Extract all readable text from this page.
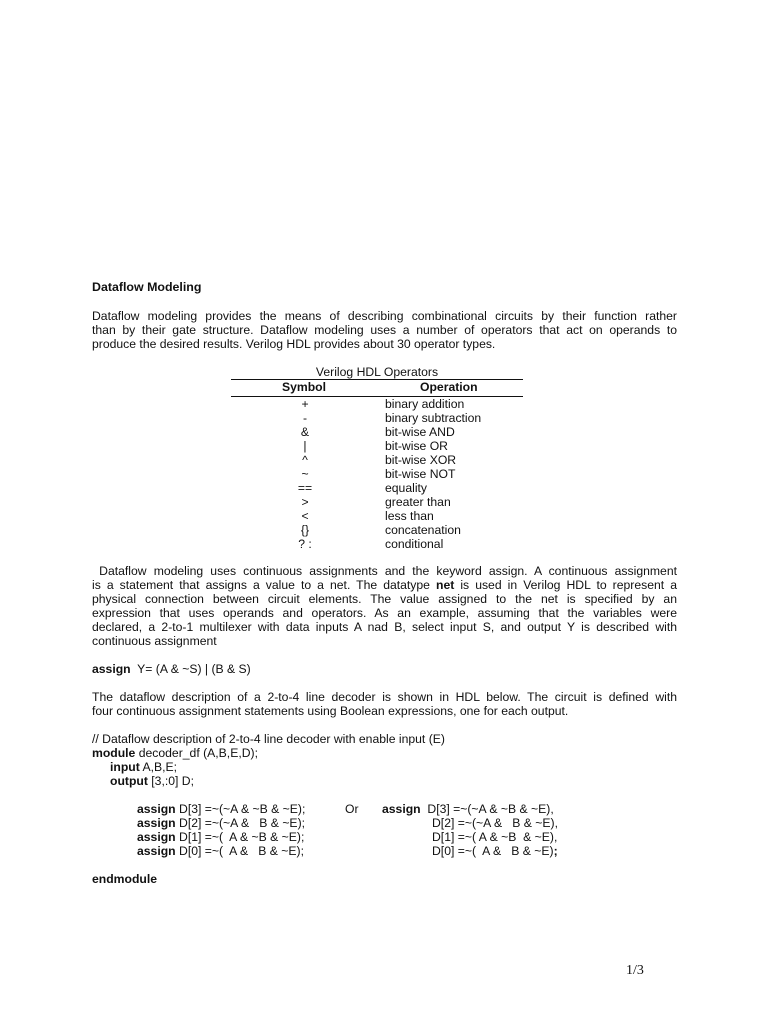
Dataflow Modeling
Dataflow modeling provides the means of describing combinational circuits by their function rather
than by their gate structure. Dataflow modeling uses a number of operators that act on operands to
produce the desired results. Verilog HDL provides about 30 operator types.
Verilog HDL Operators
Symbol	Operation
+	binary addition
-	binary subtraction
&	bit-wise AND
|	bit-wise OR
^	bit-wise XOR
~	bit-wise NOT
==	equality
>	greater than
<	less than
{}	concatenation
? :	conditional
Dataflow modeling uses continuous assignments and the keyword assign. A continuous assignment
is a statement that assigns a value to a net. The datatype net is used in Verilog HDL to represent a
physical connection between circuit elements. The value assigned to the net is specified by an
expression that uses operands and operators. As an example, assuming that the variables were
declared, a 2-to-1 multilexer with data inputs A nad B, select input S, and output Y is described with
continuous assignment
assign  Y= (A & ~S) | (B & S)
The dataflow description of a 2-to-4 line decoder is shown in HDL below. The circuit is defined with
four continuous assignment statements using Boolean expressions, one for each output.
// Dataflow description of 2-to-4 line decoder with enable input (E)
module decoder_df (A,B,E,D);
input A,B,E;
output [3,:0] D;
assign D[3] =~(~A & ~B & ~E);
assign D[2] =~(~A &   B & ~E);
assign D[1] =~(  A & ~B & ~E);
assign D[0] =~(  A &   B & ~E);
Or assign  D[3] =~(~A & ~B & ~E),
D[2] =~(~A &   B & ~E),
D[1] =~( A & ~B  & ~E),
D[0] =~(  A &   B & ~E);
endmodule
1/3
